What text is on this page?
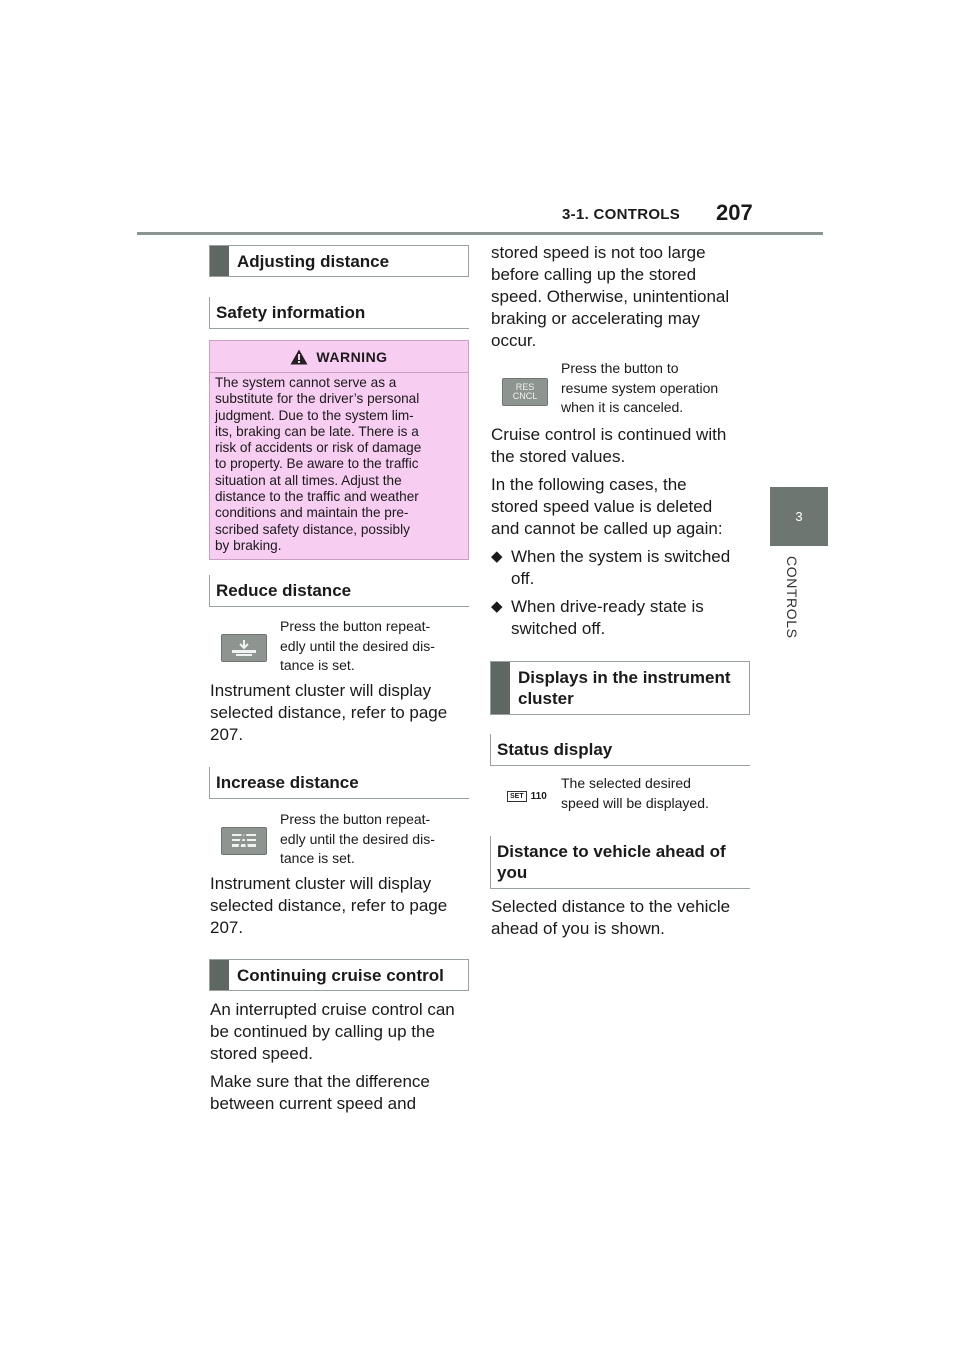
3-1. CONTROLS 207
3
CONTROLS
Adjusting distance
Safety information
WARNING
The system cannot serve as a
substitute for the driver’s personal
judgment. Due to the system lim-
its, braking can be late. There is a
risk of accidents or risk of damage
to property. Be aware to the traffic
situation at all times. Adjust the
distance to the traffic and weather
conditions and maintain the pre-
scribed safety distance, possibly
by braking.
Reduce distance
Press the button repeat-
edly until the desired dis-
tance is set.
Instrument cluster will display
selected distance, refer to page
207.
Increase distance
Press the button repeat-
edly until the desired dis-
tance is set.
Instrument cluster will display
selected distance, refer to page
207.
Continuing cruise control
An interrupted cruise control can
be continued by calling up the
stored speed.
Make sure that the difference
between current speed and
stored speed is not too large
before calling up the stored
speed. Otherwise, unintentional
braking or accelerating may
occur.
RES
CNCL
Press the button to
resume system operation
when it is canceled.
Cruise control is continued with
the stored values.
In the following cases, the
stored speed value is deleted
and cannot be called up again:
◆ When the system is switched
off.
◆ When drive-ready state is
switched off.
Displays in the instrument
cluster
Status display
SET 110
The selected desired
speed will be displayed.
Distance to vehicle ahead of
you
Selected distance to the vehicle
ahead of you is shown.
